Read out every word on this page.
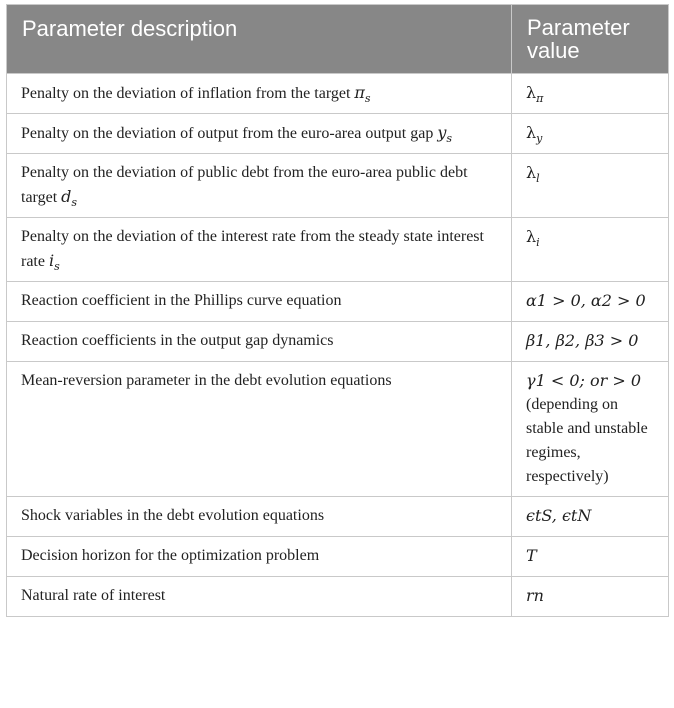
Parameter description	Parameter value
Penalty on the deviation of inflation from the target $\pi_s$	$\lambda_\pi$
Penalty on the deviation of output from the euro-area output gap $y_s$	$\lambda_y$
Penalty on the deviation of public debt from the euro-area public debt target $d_s$	$\lambda_l$
Penalty on the deviation of the interest rate from the steady state interest rate $i_s$	$\lambda_i$
Reaction coefficient in the Phillips curve equation	α1 > 0, α2 > 0
Reaction coefficients in the output gap dynamics	β1, β2, β3 > 0
Mean-reversion parameter in the debt evolution equations	γ1 < 0; or > 0
(depending on stable and unstable regimes, respectively)

Shock variables in the debt evolution equations	ϵtS, ϵtN
Decision horizon for the optimization problem	T
Natural rate of interest	rn
